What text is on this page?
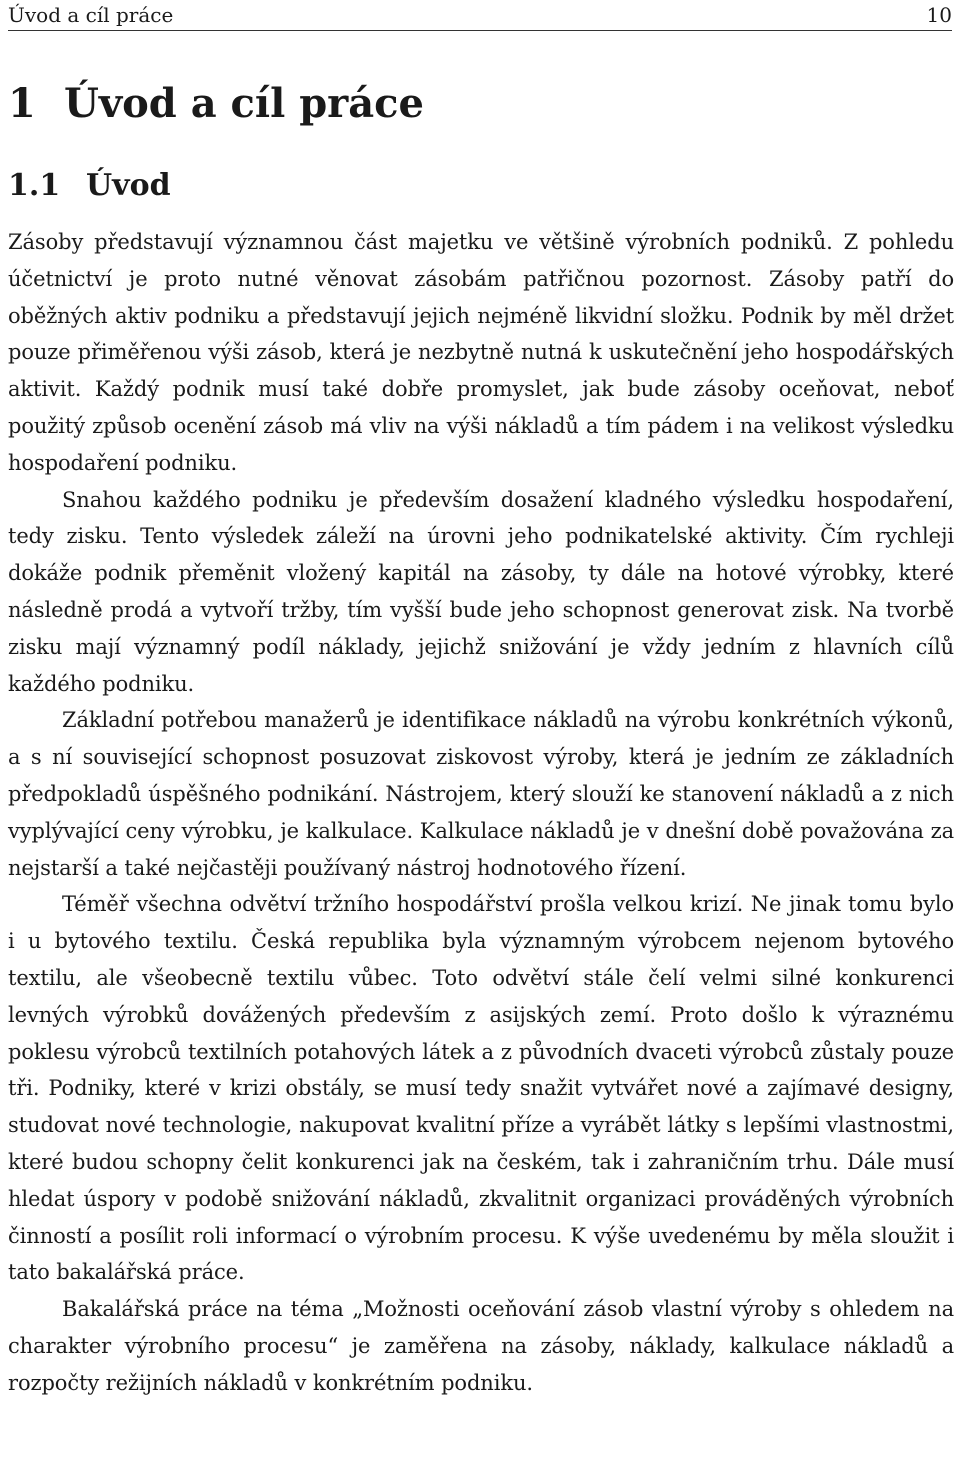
Úvod a cíl práce	10
1 Úvod a cíl práce
1.1 Úvod

Zásoby představují významnou část majetku ve většině výrobních podniků. Z pohledu účetnictví je proto nutné věnovat zásobám patřičnou pozornost. Zásoby patří do oběžných aktiv podniku a představují jejich nejméně likvidní složku. Podnik by měl držet pouze přiměřenou výši zásob, která je nezbytně nutná k uskutečnění jeho hospodářských aktivit. Každý podnik musí také dobře promyslet, jak bude zásoby oceňovat, neboť použitý způsob ocenění zásob má vliv na výši nákladů a tím pádem i na velikost výsledku hospodaření podniku.

Snahou každého podniku je především dosažení kladného výsledku hospodaření, tedy zisku. Tento výsledek záleží na úrovni jeho podnikatelské aktivity. Čím rychleji dokáže podnik přeměnit vložený kapitál na zásoby, ty dále na hotové výrobky, které následně prodá a vytvoří tržby, tím vyšší bude jeho schopnost generovat zisk. Na tvorbě zisku mají významný podíl náklady, jejichž snižování je vždy jedním z hlavních cílů každého podniku.

Základní potřebou manažerů je identifikace nákladů na výrobu konkrétních výkonů, a s ní související schopnost posuzovat ziskovost výroby, která je jedním ze základních předpokladů úspěšného podnikání. Nástrojem, který slouží ke stanovení nákladů a z nich vyplývající ceny výrobku, je kalkulace. Kalkulace nákladů je v dnešní době považována za nejstarší a také nejčastěji používaný nástroj hodnotového řízení.

Téměř všechna odvětví tržního hospodářství prošla velkou krizí. Ne jinak tomu bylo i u bytového textilu. Česká republika byla významným výrobcem nejenom bytového textilu, ale všeobecně textilu vůbec. Toto odvětví stále čelí velmi silné konkurenci levných výrobků dovážených především z asijských zemí. Proto došlo k výraznému poklesu výrobců textilních potahových látek a z původních dvaceti výrobců zůstaly pouze tři. Podniky, které v krizi obstály, se musí tedy snažit vytvářet nové a zajímavé designy, studovat nové technologie, nakupovat kvalitní příze a vyrábět látky s lepšími vlastnostmi, které budou schopny čelit konkurenci jak na českém, tak i zahraničním trhu. Dále musí hledat úspory v podobě snižování nákladů, zkvalitnit organizaci prováděných výrobních činností a posílit roli informací o výrobním procesu. K výše uvedenému by měla sloužit i tato bakalářská práce.

Bakalářská práce na téma „Možnosti oceňování zásob vlastní výroby s ohledem na charakter výrobního procesu“ je zaměřena na zásoby, náklady, kalkulace nákladů a rozpočty režijních nákladů v konkrétním podniku.
